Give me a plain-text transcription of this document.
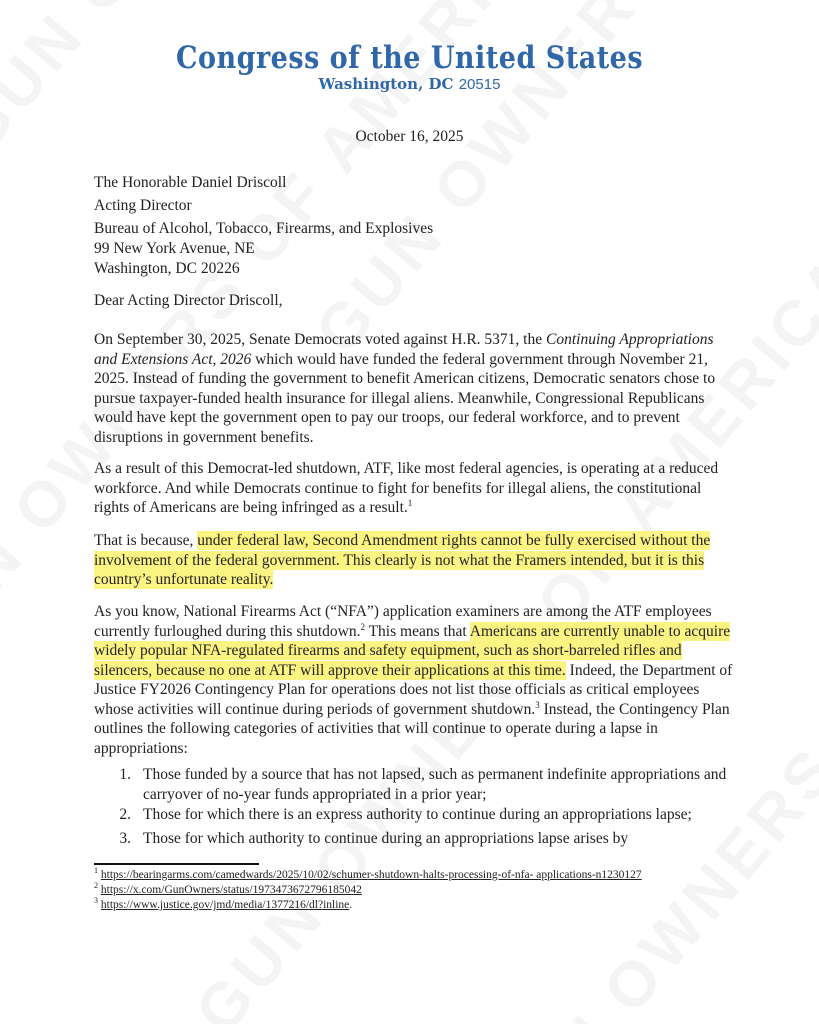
Congress of the United States
Washington, DC 20515
October 16, 2025
The Honorable Daniel Driscoll
Acting Director
Bureau of Alcohol, Tobacco, Firearms, and Explosives
99 New York Avenue, NE
Washington, DC 20226
Dear Acting Director Driscoll,

On September 30, 2025, Senate Democrats voted against H.R. 5371, the Continuing Appropriations and Extensions Act, 2026 which would have funded the federal government through November 21, 2025. Instead of funding the government to benefit American citizens, Democratic senators chose to pursue taxpayer-funded health insurance for illegal aliens. Meanwhile, Congressional Republicans would have kept the government open to pay our troops, our federal workforce, and to prevent disruptions in government benefits.

As a result of this Democrat-led shutdown, ATF, like most federal agencies, is operating at a reduced workforce. And while Democrats continue to fight for benefits for illegal aliens, the constitutional rights of Americans are being infringed as a result.$^1$

That is because, under federal law, Second Amendment rights cannot be fully exercised without the involvement of the federal government. This clearly is not what the Framers intended, but it is this country’s unfortunate reality.

As you know, National Firearms Act (“NFA”) application examiners are among the ATF employees currently furloughed during this shutdown.$^2$ This means that Americans are currently unable to acquire widely popular NFA-regulated firearms and safety equipment, such as short-barreled rifles and silencers, because no one at ATF will approve their applications at this time. Indeed, the Department of Justice FY2026 Contingency Plan for operations does not list those officials as critical employees whose activities will continue during periods of government shutdown.$^3$ Instead, the Contingency Plan outlines the following categories of activities that will continue to operate during a lapse in appropriations:

1. Those funded by a source that has not lapsed, such as permanent indefinite appropriations and carryover of no-year funds appropriated in a prior year;
2. Those for which there is an express authority to continue during an appropriations lapse;
3. Those for which authority to continue during an appropriations lapse arises by

$^1$ https://bearingarms.com/camedwards/2025/10/02/schumer-shutdown-halts-processing-of-nfa- applications-n1230127

$^2$ https://x.com/GunOwners/status/1973473672796185042

$^3$ https://www.justice.gov/jmd/media/1377216/dl?inline.
